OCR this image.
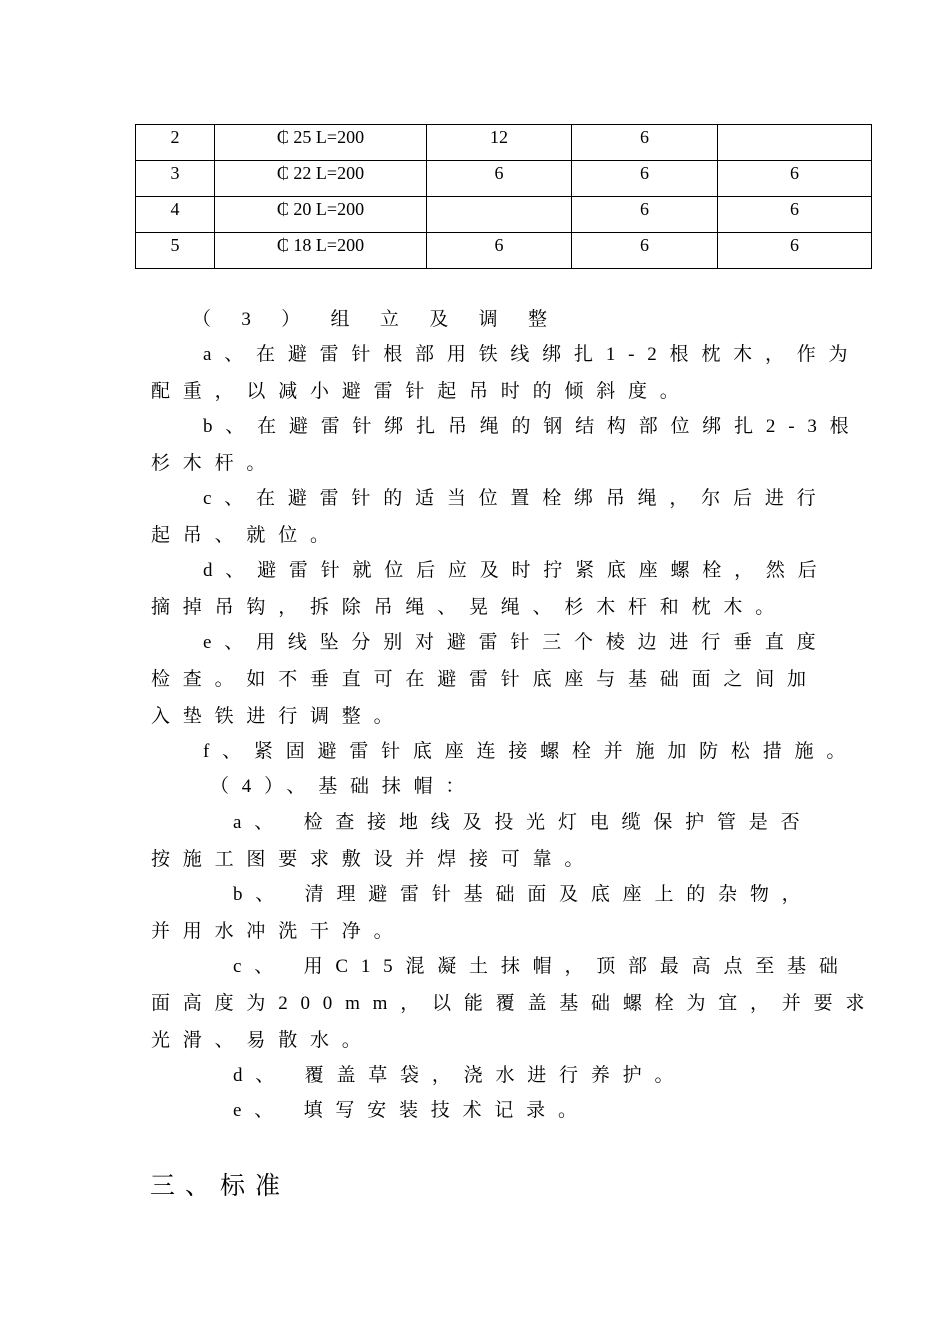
2	₵ 25 L=200	12	6	
3	₵ 22 L=200	6	6	6
4	₵ 20 L=200		6	6
5	₵ 18 L=200	6	6	6
（ 3 ） 组 立 及 调 整
a、在避雷针根部用铁线绑扎1-2根枕木，作为
配重，以减小避雷针起吊时的倾斜度。
b、在避雷针绑扎吊绳的钢结构部位绑扎2-3根
杉木杆。
c、在避雷针的适当位置栓绑吊绳，尔后进行
起吊、就位。
d、避雷针就位后应及时拧紧底座螺栓，然后
摘掉吊钩，拆除吊绳、晃绳、杉木杆和枕木。
e、用线坠分别对避雷针三个棱边进行垂直度
检查。如不垂直可在避雷针底座与基础面之间加
入垫铁进行调整。
f、紧固避雷针底座连接螺栓并施加防松措施。
（4）、基础抹帽：
a、 检查接地线及投光灯电缆保护管是否
按施工图要求敷设并焊接可靠。
b、 清理避雷针基础面及底座上的杂物，
并用水冲洗干净。
c、 用C15混凝土抹帽，顶部最高点至基础
面高度为200mm，以能覆盖基础螺栓为宜，并要求
光滑、易散水。
d、 覆盖草袋，浇水进行养护。
e、 填写安装技术记录。
三、标准
